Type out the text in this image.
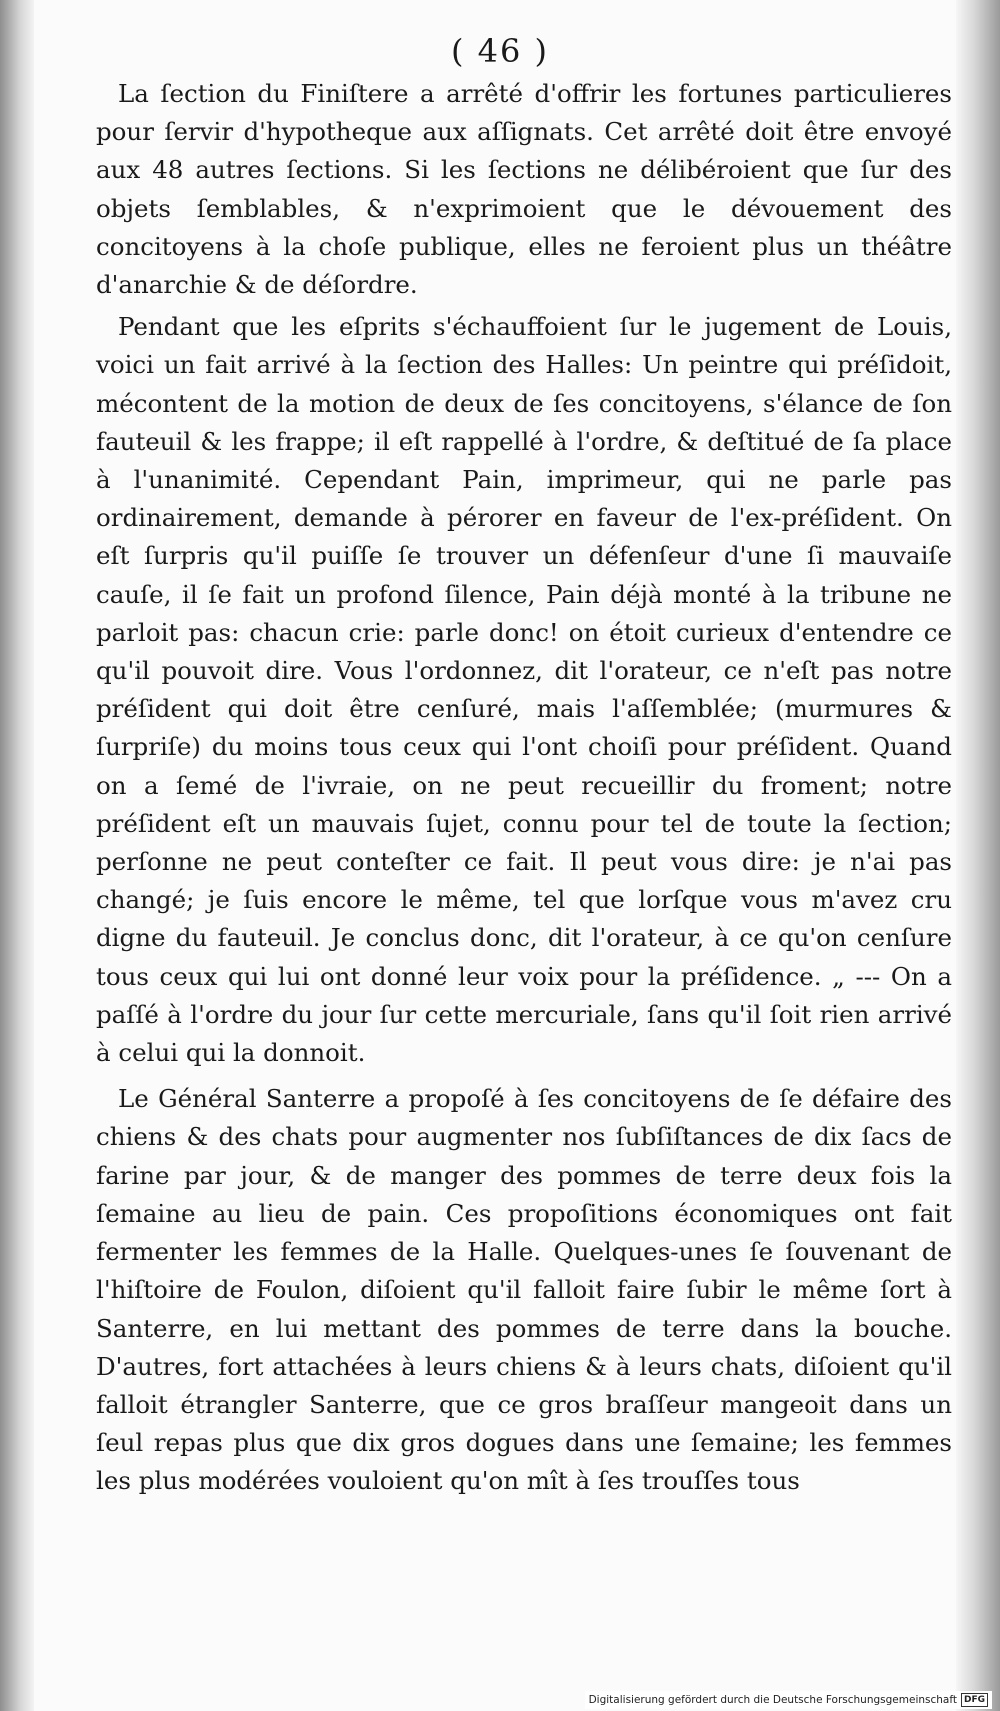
( 46 )

La ſection du Finiſtere a arrêté d'offrir les fortunes particulieres pour ſervir d'hypotheque aux aſſignats. Cet arrêté doit être envoyé aux 48 autres ſections. Si les ſections ne délibéroient que ſur des objets ſemblables, & n'exprimoient que le dévouement des concitoyens à la choſe publique, elles ne feroient plus un théâtre d'anarchie & de déſordre.

Pendant que les eſprits s'échauffoient ſur le jugement de Louis, voici un fait arrivé à la ſection des Halles: Un peintre qui préſidoit, mécontent de la motion de deux de ſes concitoyens, s'élance de ſon fauteuil & les frappe; il eſt rappellé à l'ordre, & deſtitué de ſa place à l'unanimité. Cependant Pain, imprimeur, qui ne parle pas ordinairement, demande à pérorer en faveur de l'ex-préſident. On eſt ſurpris qu'il puiſſe ſe trouver un défenſeur d'une ſi mauvaiſe cauſe, il ſe fait un profond ſilence, Pain déjà monté à la tribune ne parloit pas: chacun crie: parle donc! on étoit curieux d'entendre ce qu'il pouvoit dire. Vous l'ordonnez, dit l'orateur, ce n'eſt pas notre préſident qui doit être cenſuré, mais l'aſſemblée; (murmures & ſurpriſe) du moins tous ceux qui l'ont choiſi pour préſident. Quand on a ſemé de l'ivraie, on ne peut recueillir du froment; notre préſident eſt un mauvais ſujet, connu pour tel de toute la ſection; perſonne ne peut conteſter ce fait. Il peut vous dire: je n'ai pas changé; je ſuis encore le même, tel que lorſque vous m'avez cru digne du fauteuil. Je conclus donc, dit l'orateur, à ce qu'on cenſure tous ceux qui lui ont donné leur voix pour la préſidence. „ --- On a paſſé à l'ordre du jour ſur cette mercuriale, ſans qu'il ſoit rien arrivé à celui qui la donnoit.

Le Général Santerre a propoſé à ſes concitoyens de ſe défaire des chiens & des chats pour augmenter nos ſubſiſtances de dix ſacs de farine par jour, & de manger des pommes de terre deux fois la ſemaine au lieu de pain. Ces propoſitions économiques ont fait fermenter les femmes de la Halle. Quelques-unes ſe ſouvenant de l'hiſtoire de Foulon, diſoient qu'il falloit faire ſubir le même ſort à Santerre, en lui mettant des pommes de terre dans la bouche. D'autres, fort attachées à leurs chiens & à leurs chats, diſoient qu'il falloit étrangler Santerre, que ce gros braſſeur mangeoit dans un ſeul repas plus que dix gros dogues dans une ſemaine; les femmes les plus modérées vouloient qu'on mît à ſes trouſſes tous

Digitalisierung gefördert durch die Deutsche Forschungsgemeinschaft DFG
